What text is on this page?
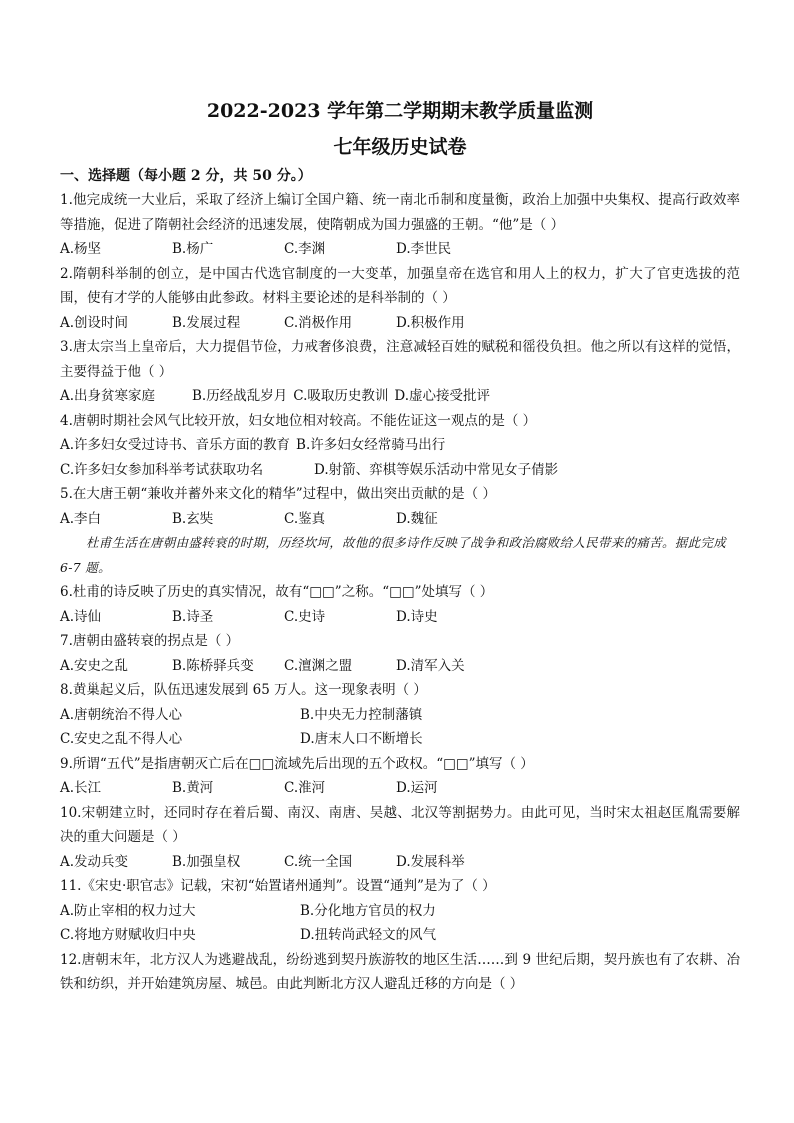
2022-2023 学年第二学期期末教学质量监测
七年级历史试卷

一、选择题（每小题 2 分，共 50 分。）

1.他完成统一大业后，采取了经济上编订全国户籍、统一南北币制和度量衡，政治上加强中央集权、提高行政效率等措施，促进了隋朝社会经济的迅速发展，使隋朝成为国力强盛的王朝。“他”是（ ）

A.杨坚	B.杨广	C.李渊	D.李世民

2.隋朝科举制的创立，是中国古代选官制度的一大变革，加强皇帝在选官和用人上的权力，扩大了官吏选拔的范围，使有才学的人能够由此参政。材料主要论述的是科举制的（ ）

A.创设时间	B.发展过程	C.消极作用	D.积极作用

3.唐太宗当上皇帝后，大力提倡节俭，力戒奢侈浪费，注意减轻百姓的赋税和徭役负担。他之所以有这样的觉悟，主要得益于他（ ）

A.出身贫寒家庭	B.历经战乱岁月 C.吸取历史教训 D.虚心接受批评

4.唐朝时期社会风气比较开放，妇女地位相对较高。不能佐证这一观点的是（ ）

A.许多妇女受过诗书、音乐方面的教育 B.许多妇女经常骑马出行
C.许多妇女参加科举考试获取功名	D.射箭、弈棋等娱乐活动中常见女子倩影

5.在大唐王朝“兼收并蓄外来文化的精华”过程中，做出突出贡献的是（ ）

A.李白	B.玄奘	C.鉴真	D.魏征

杜甫生活在唐朝由盛转衰的时期，历经坎坷，故他的很多诗作反映了战争和政治腐败给人民带来的痛苦。据此完成 6-7 题。

6.杜甫的诗反映了历史的真实情况，故有“□□”之称。“□□”处填写（ ）

A.诗仙	B.诗圣	C.史诗	D.诗史

7.唐朝由盛转衰的拐点是（ ）

A.安史之乱	B.陈桥驿兵变	C.澶渊之盟	D.清军入关

8.黄巢起义后，队伍迅速发展到 65 万人。这一现象表明（ ）

A.唐朝统治不得人心	B.中央无力控制藩镇
C.安史之乱不得人心	D.唐末人口不断增长

9.所谓“五代”是指唐朝灭亡后在□□流域先后出现的五个政权。“□□”填写（ ）

A.长江	B.黄河	C.淮河	D.运河

10.宋朝建立时，还同时存在着后蜀、南汉、南唐、吴越、北汉等割据势力。由此可见，当时宋太祖赵匡胤需要解决的重大问题是（ ）

A.发动兵变	B.加强皇权	C.统一全国	D.发展科举

11.《宋史·职官志》记载，宋初“始置诸州通判”。设置“通判”是为了（ ）

A.防止宰相的权力过大	B.分化地方官员的权力
C.将地方财赋收归中央	D.扭转尚武轻文的风气

12.唐朝末年，北方汉人为逃避战乱，纷纷逃到契丹族游牧的地区生活……到 9 世纪后期，契丹族也有了农耕、冶铁和纺织，并开始建筑房屋、城邑。由此判断北方汉人避乱迁移的方向是（ ）
